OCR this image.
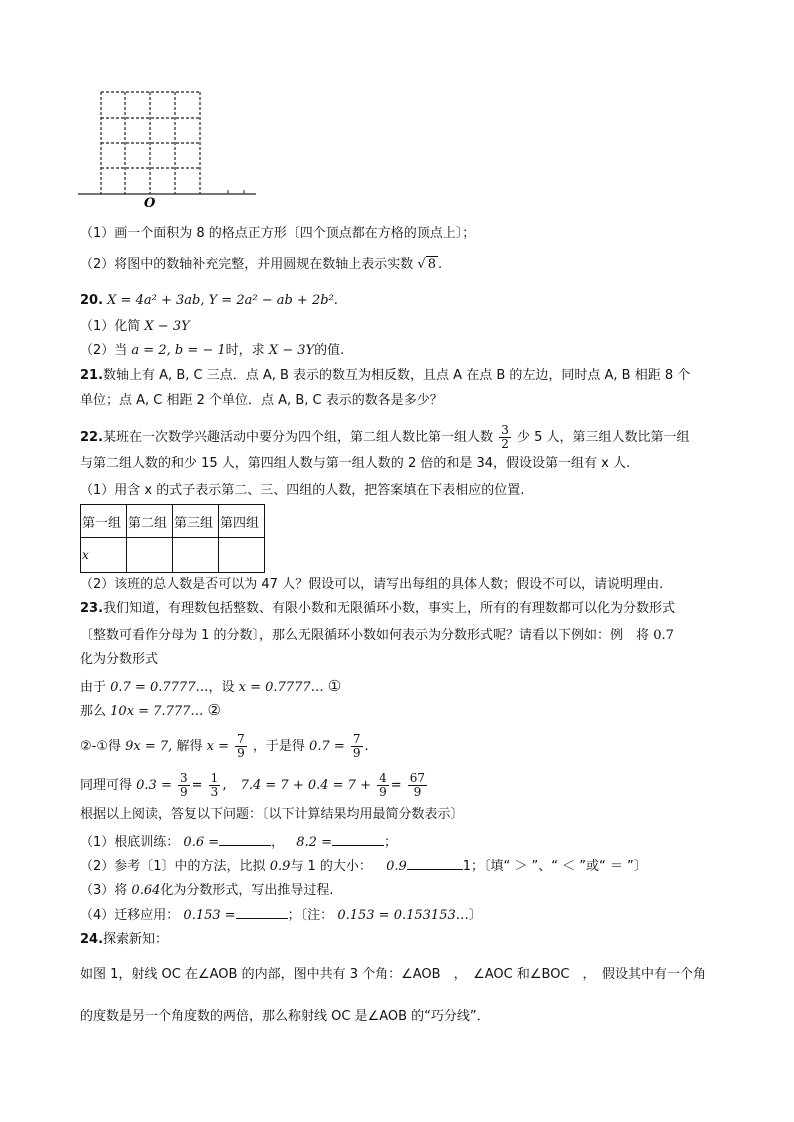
O
（1）画一个面积为 8 的格点正方形〔四个顶点都在方格的顶点上〕；
（2）将图中的数轴补充完整，并用圆规在数轴上表示实数 √ 8 .
20. X = 4a² + 3ab, Y = 2a² − ab + 2b².
（1）化简 X − 3Y
（2）当 a = 2, b = − 1时，求 X − 3Y的值.
21.数轴上有 A, B, C 三点．点 A, B 表示的数互为相反数，且点 A 在点 B 的左边，同时点 A, B 相距 8 个
单位；点 A, C 相距 2 个单位．点 A, B, C 表示的数各是多少？
22.某班在一次数学兴趣活动中要分为四个组，第二组人数比第一组人数 $\frac{3}{2}$ 少 5 人，第三组人数比第一组
与第二组人数的和少 15 人，第四组人数与第一组人数的 2 倍的和是 34，假设设第一组有 x 人.
（1）用含 x 的式子表示第二、三、四组的人数，把答案填在下表相应的位置.
第一组	第二组	第三组	第四组
x			
（2）该班的总人数是否可以为 47 人？假设可以，请写出每组的具体人数；假设不可以，请说明理由.
23.我们知道，有理数包括整数、有限小数和无限循环小数，事实上，所有的有理数都可以化为分数形式
〔整数可看作分母为 1 的分数〕，那么无限循环小数如何表示为分数形式呢？请看以下例如：例　将 0.7
化为分数形式
由于 0.7 = 0.7777…，设 x = 0.7777… ①
那么 10x = 7.777… ②
②-①得 9x = 7, 解得 $x = \frac{7}{9}$ ，于是得 $0.7 = \frac{7}{9}$ .
同理可得 $0.3 = \frac{3}{9} = \frac{1}{3}$ , $7.4 = 7 + 0.4 = 7 + \frac{4}{9} = \frac{67}{9}$
根据以上阅读，答复以下问题：〔以下计算结果均用最简分数表示〕
（1）根底训练： 0.6 =	， 8.2 =	；
（2）参考〔1〕中的方法，比拟 0.9与 1 的大小： 0.9	1；〔填“ ＞ ”、“ ＜ ”或“ ＝ ”〕
（3）将 0.64化为分数形式，写出推导过程.
（4）迁移应用： 0.153 =	；〔注： 0.153 = 0.153153…〕
24.探索新知：
如图 1，射线 OC 在∠AOB 的内部，图中共有 3 个角：∠AOB　，　∠AOC 和∠BOC　，　假设其中有一个角
的度数是另一个角度数的两倍，那么称射线 OC 是∠AOB 的“巧分线”．
